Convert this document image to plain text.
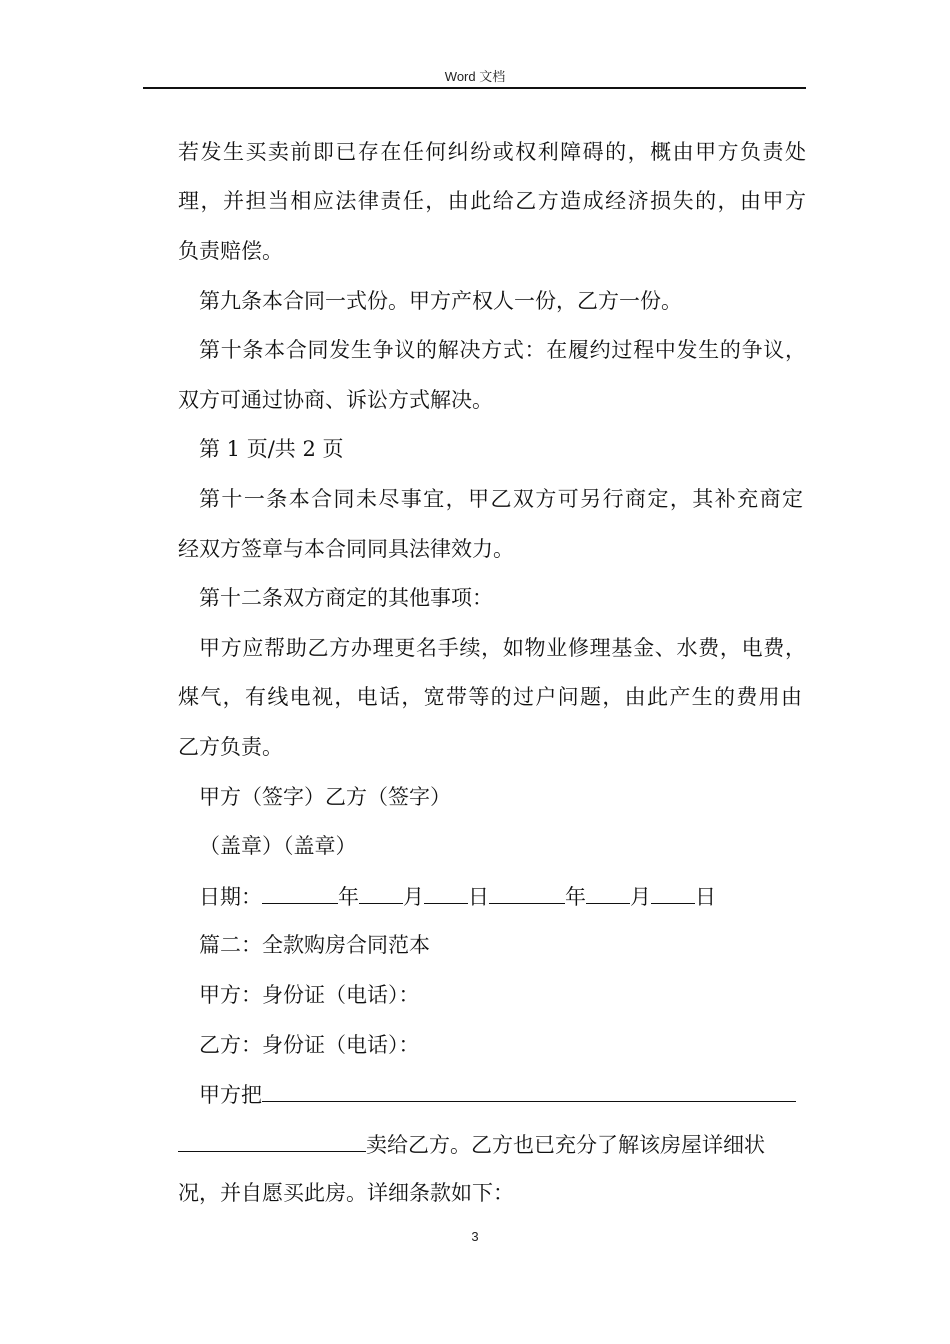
Word 文档
若发生买卖前即已存在任何纠纷或权利障碍的，概由甲方负责处
理，并担当相应法律责任，由此给乙方造成经济损失的，由甲方
负责赔偿。
第九条本合同一式份。甲方产权人一份，乙方一份。
第十条本合同发生争议的解决方式：在履约过程中发生的争议，
双方可通过协商、诉讼方式解决。
第 1 页/共 2 页
第十一条本合同未尽事宜，甲乙双方可另行商定，其补充商定
经双方签章与本合同同具法律效力。
第十二条双方商定的其他事项：
甲方应帮助乙方办理更名手续，如物业修理基金、水费，电费，
煤气，有线电视，电话，宽带等的过户问题，由此产生的费用由
乙方负责。
甲方（签字）乙方（签字）
（盖章）（盖章）
日期：	年 月 日	年 月 日
篇二：全款购房合同范本
甲方：身份证（电话）：
乙方：身份证（电话）：
甲方把
卖给乙方。乙方也已充分了解该房屋详细状
况，并自愿买此房。详细条款如下：
3
